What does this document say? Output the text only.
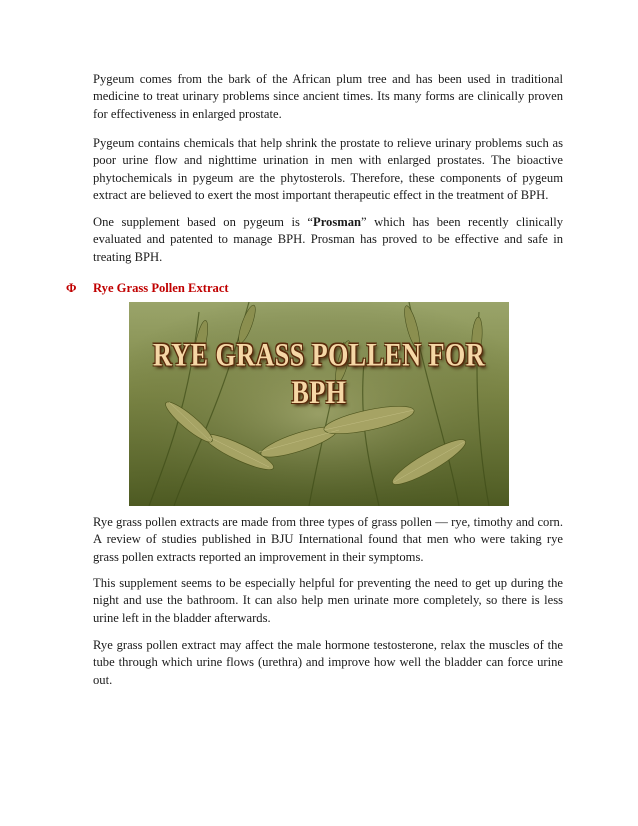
Pygeum comes from the bark of the African plum tree and has been used in traditional medicine to treat urinary problems since ancient times. Its many forms are clinically proven for effectiveness in enlarged prostate.

Pygeum contains chemicals that help shrink the prostate to relieve urinary problems such as poor urine flow and nighttime urination in men with enlarged prostates. The bioactive phytochemicals in pygeum are the phytosterols. Therefore, these components of pygeum extract are believed to exert the most important therapeutic effect in the treatment of BPH.

One supplement based on pygeum is “Prosman” which has been recently clinically evaluated and patented to manage BPH. Prosman has proved to be effective and safe in treating BPH.

Φ	Rye Grass Pollen Extract
RYE GRASS POLLEN FOR BPH

Rye grass pollen extracts are made from three types of grass pollen — rye, timothy and corn. A review of studies published in BJU International found that men who were taking rye grass pollen extracts reported an improvement in their symptoms.

This supplement seems to be especially helpful for preventing the need to get up during the night and use the bathroom. It can also help men urinate more completely, so there is less urine left in the bladder afterwards.

Rye grass pollen extract may affect the male hormone testosterone, relax the muscles of the tube through which urine flows (urethra) and improve how well the bladder can force urine out.
